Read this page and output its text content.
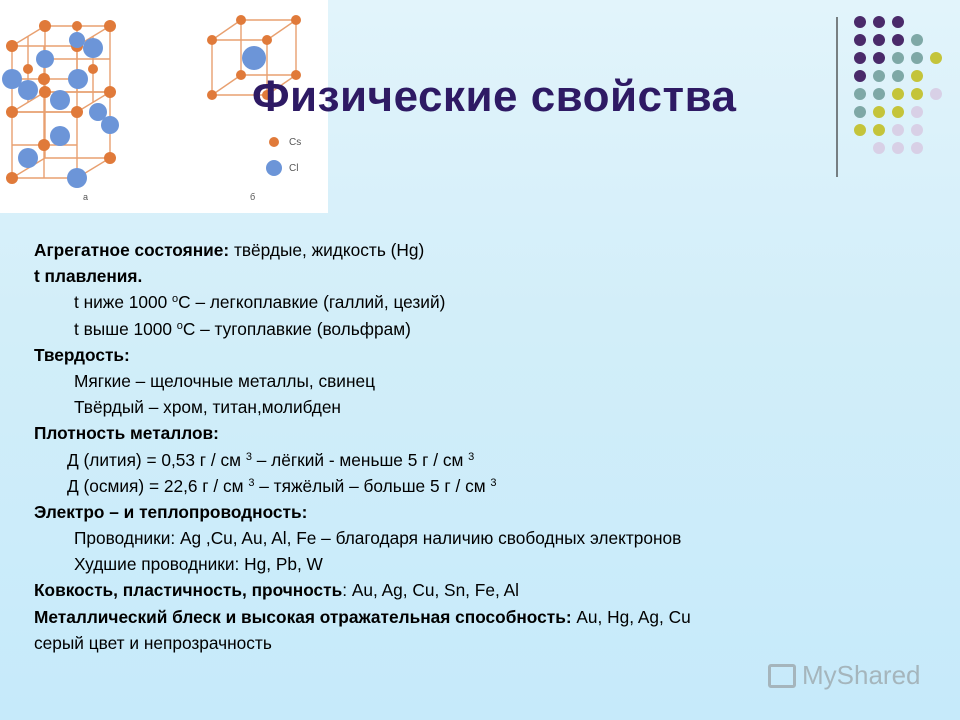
а	б
Cs
Cl
Физические свойства
Агрегатное состояние: твёрдые, жидкость (Hg)
t плавления.
t ниже 1000 $^o$C – легкоплавкие (галлий, цезий)
t выше 1000 $^o$C – тугоплавкие (вольфрам)
Твердость:
Мягкие – щелочные металлы, свинец
Твёрдый – хром, титан,молибден
Плотность металлов:
Д (лития) = 0,53 г / см $^3$ – лёгкий - меньше 5 г / см $^3$
Д (осмия) = 22,6 г / см $^3$ – тяжёлый – больше 5 г / см $^3$
Электро – и теплопроводность:
Проводники: Ag ,Cu, Au, Al, Fe – благодаря наличию свободных электронов
Худшие проводники: Hg, Pb, W
Ковкость, пластичность, прочность: Au, Ag, Cu, Sn, Fe, Al
Металлический блеск и высокая отражательная способность: Au, Hg, Ag, Cu
серый цвет и непрозрачность
MyShared
